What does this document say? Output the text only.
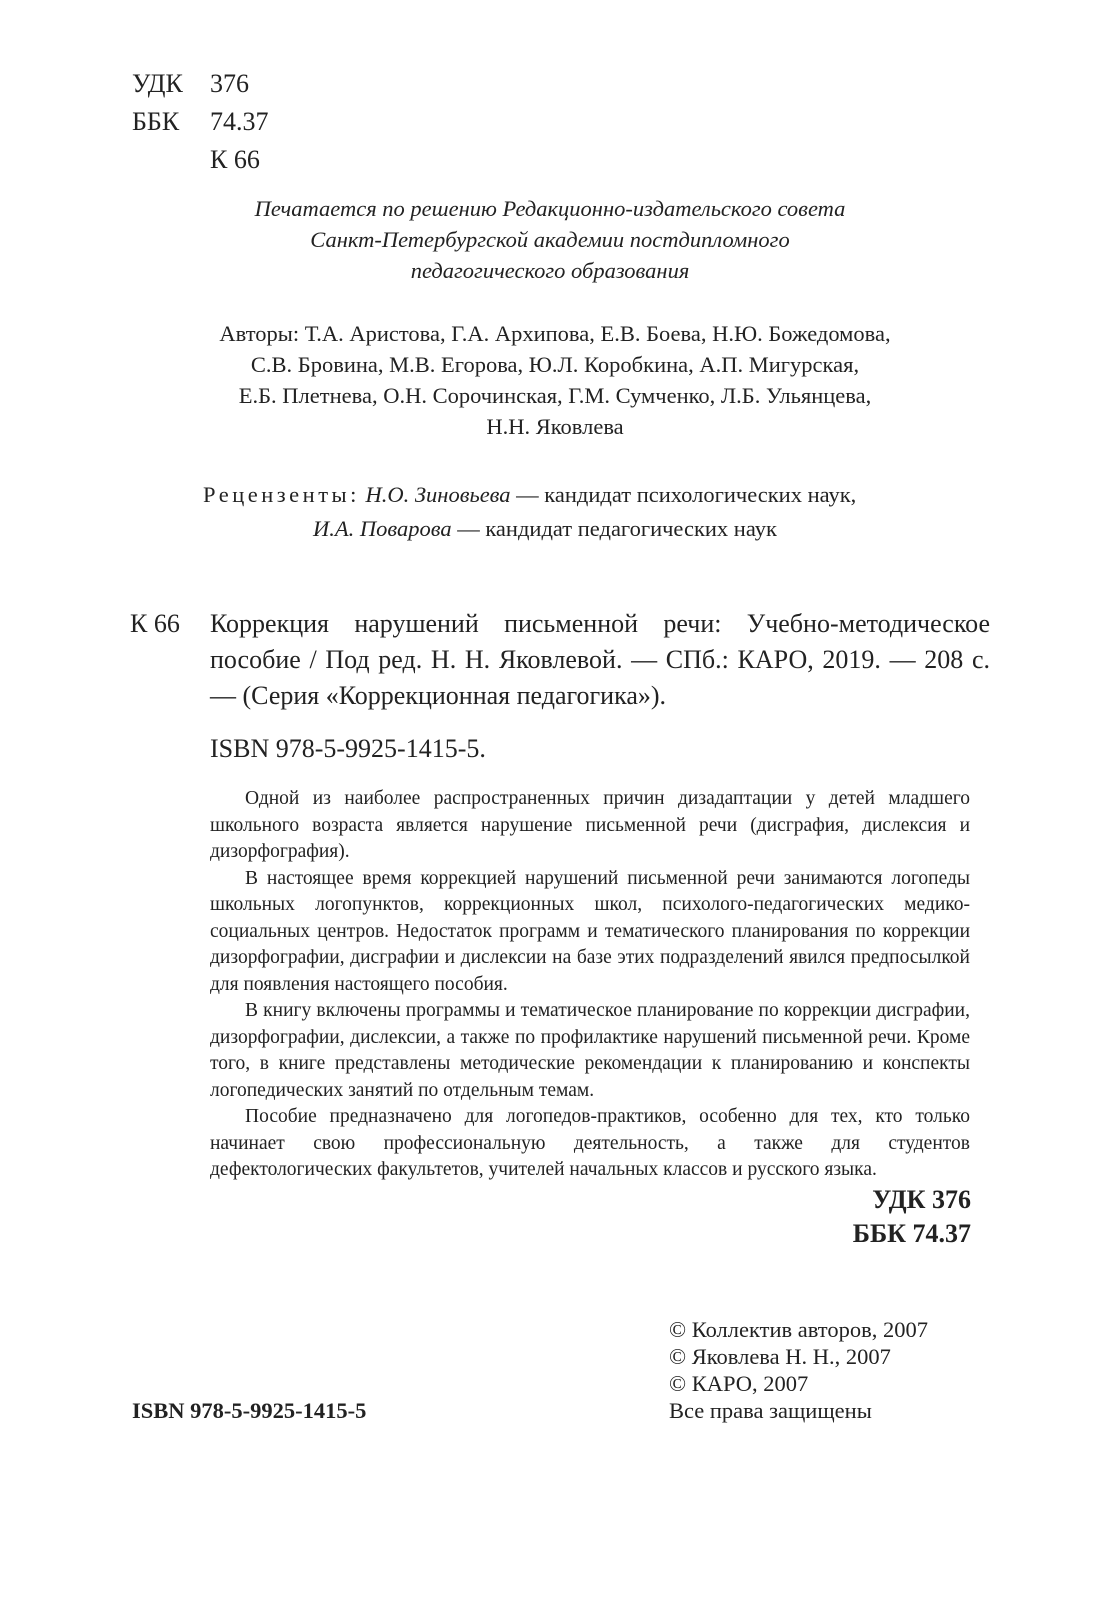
УДК 376
ББК 74.37
К 66
Печатается по решению Редакционно-издательского совета
Санкт-Петербургской академии постдипломного
педагогического образования
Авторы: Т.А. Аристова, Г.А. Архипова, Е.В. Боева, Н.Ю. Божедомова,
С.В. Бровина, М.В. Егорова, Ю.Л. Коробкина, А.П. Мигурская,
Е.Б. Плетнева, О.Н. Сорочинская, Г.М. Сумченко, Л.Б. Ульянцева,
Н.Н. Яковлева
Рецензенты: Н.О. Зиновьева — кандидат психологических наук,
И.А. Поварова — кандидат педагогических наук
К 66 Коррекция нарушений письменной речи: Учебно-методическое пособие / Под ред. Н. Н. Яковлевой. — СПб.: КАРО, 2019. — 208 с. — (Серия «Коррекционная педагогика»).
ISBN 978-5-9925-1415-5.

Одной из наиболее распространенных причин дизадаптации у детей младшего школьного возраста является нарушение письменной речи (дисграфия, дислексия и дизорфография).

В настоящее время коррекцией нарушений письменной речи занимаются логопеды школьных логопунктов, коррекционных школ, психолого-педагогических медико-социальных центров. Недостаток программ и тематического планирования по коррекции дизорфографии, дисграфии и дислексии на базе этих подразделений явился предпосылкой для появления настоящего пособия.

В книгу включены программы и тематическое планирование по коррекции дисграфии, дизорфографии, дислексии, а также по профилактике нарушений письменной речи. Кроме того, в книге представлены методические рекомендации к планированию и конспекты логопедических занятий по отдельным темам.

Пособие предназначено для логопедов-практиков, особенно для тех, кто только начинает свою профессиональную деятельность, а также для студентов дефектологических факультетов, учителей начальных классов и русского языка.

УДК 376
ББК 74.37
© Коллектив авторов, 2007
© Яковлева Н. Н., 2007
© КАРО, 2007
Все права защищены
ISBN 978-5-9925-1415-5
